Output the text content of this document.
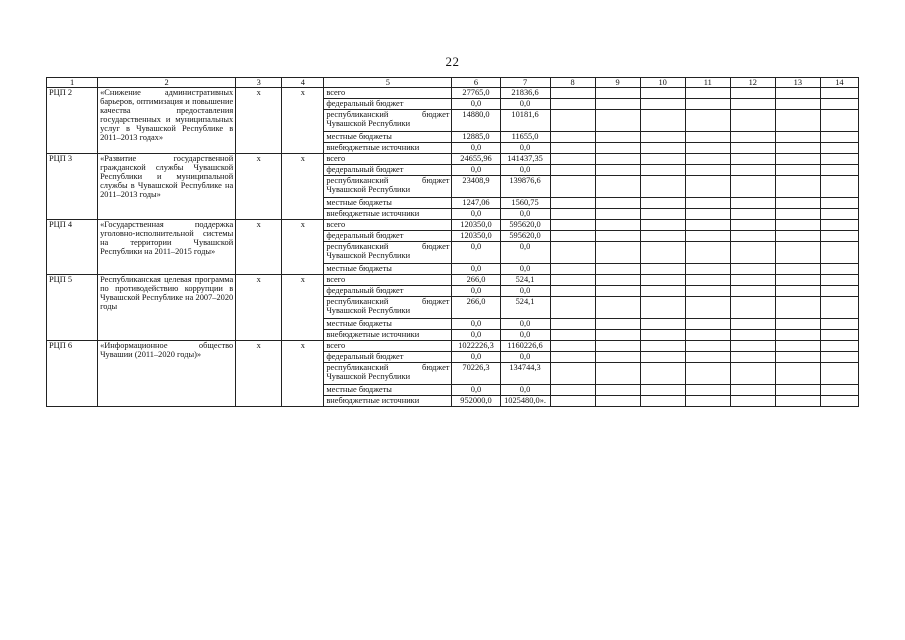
22
1	2	3	4	5	6	7	8	9	10	11	12	13	14
РЦП 2	«Снижение административных барьеров, оптимизация и повышение качества предоставления государственных и муниципальных услуг в Чувашской Республике в 2011–2013 годах»	х	х	всего	27765,0	21836,6							
				федеральный бюджет	0,0	0,0							
				республиканский бюджет Чувашской Республики	14880,0	10181,6							
				местные бюджеты	12885,0	11655,0							
				внебюджетные источники	0,0	0,0							
РЦП 3	«Развитие государственной гражданской службы Чувашской Республики и муниципальной службы в Чувашской Республике на 2011–2013 годы»	х	х	всего	24655,96	141437,35							
				федеральный бюджет	0,0	0,0							
				республиканский бюджет Чувашской Республики	23408,9	139876,6							
				местные бюджеты	1247,06	1560,75							
				внебюджетные источники	0,0	0,0							
РЦП 4	«Государственная поддержка уголовно-исполнительной системы на территории Чувашской Республики на 2011–2015 годы»	х	х	всего	120350,0	595620,0							
				федеральный бюджет	120350,0	595620,0							
				республиканский бюджет Чувашской Республики	0,0	0,0							
				местные бюджеты	0,0	0,0							
РЦП 5	Республиканская целевая программа по противодействию коррупции в Чувашской Республике на 2007–2020 годы	х	х	всего	266,0	524,1							
				федеральный бюджет	0,0	0,0							
				республиканский бюджет Чувашской Республики	266,0	524,1							
				местные бюджеты	0,0	0,0							
				внебюджетные источники	0,0	0,0							
РЦП 6	«Информационное общество Чувашии (2011–2020 годы)»	х	х	всего	1022226,3	1160226,6							
				федеральный бюджет	0,0	0,0							
				республиканский бюджет Чувашской Республики	70226,3	134744,3							
				местные бюджеты	0,0	0,0							
				внебюджетные источники	952000,0	1025480,0».							
